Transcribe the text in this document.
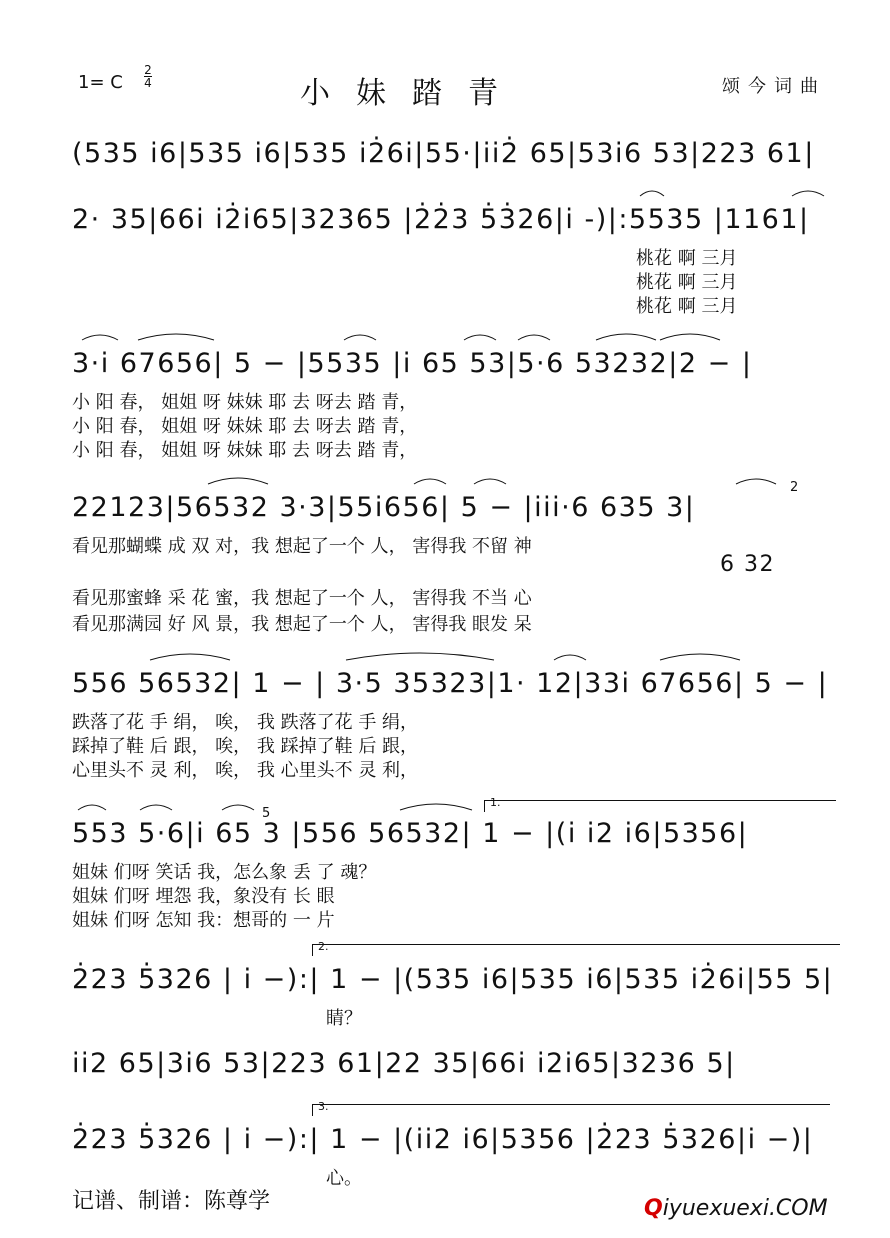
1= C
2
4	小妹踏青	颂今词曲
(535 i6|535 i6|535 i2̇6i|55·|ii2̇ 65|53i6 53|223 61|
2· 35|66i i2̇i65|32365 |2̇2̇3 5̇3̇26|i -)|:5535 |1161|
桃花 啊 三月
桃花 啊 三月
桃花 啊 三月
3·i 67656| 5 − |5535 |i 65 53|5·6 53232|2 − |
小 阳 春， 姐姐 呀 妹妹 耶 去 呀去 踏 青，
小 阳 春， 姐姐 呀 妹妹 耶 去 呀去 踏 青，
小 阳 春， 姐姐 呀 妹妹 耶 去 呀去 踏 青，
22123|56532 3·3|55i656| 5 − |iii·6 635 3|
2
看见那蝴蝶 成 双 对，我 想起了一个 人， 害得我 不留 神
6 32
看见那蜜蜂 采 花 蜜，我 想起了一个 人， 害得我 不当 心
看见那满园 好 风 景，我 想起了一个 人， 害得我 眼发 呆
556 56532| 1 − | 3·5 35323|1· 12|33i 67656| 5 − |
跌落了花 手 绢， 唉， 我 跌落了花 手 绢，
踩掉了鞋 后 跟， 唉， 我 踩掉了鞋 后 跟，
心里头不 灵 利， 唉， 我 心里头不 灵 利，
1.
553 5·6|i 65 3 |556 56532| 1 − |(i i2 i6|5356|
5
姐妹 们呀 笑话 我，怎么象 丢 了 魂？
姐妹 们呀 埋怨 我，象没有 长 眼
姐妹 们呀 怎知 我：想哥的 一 片
2.
2̇23 5̇326 | i −):| 1 − |(535 i6|535 i6|535 i2̇6i|55 5|
睛？
ii2 65|3i6 53|223 61|22 35|66i i2i65|3236 5|
3.
2̇23 5̇326 | i −):| 1 − |(ii2 i6|5356 |2̇23 5̇326|i −)|
心。
记谱、制谱：陈尊学	Qiyuexuexi.COM
